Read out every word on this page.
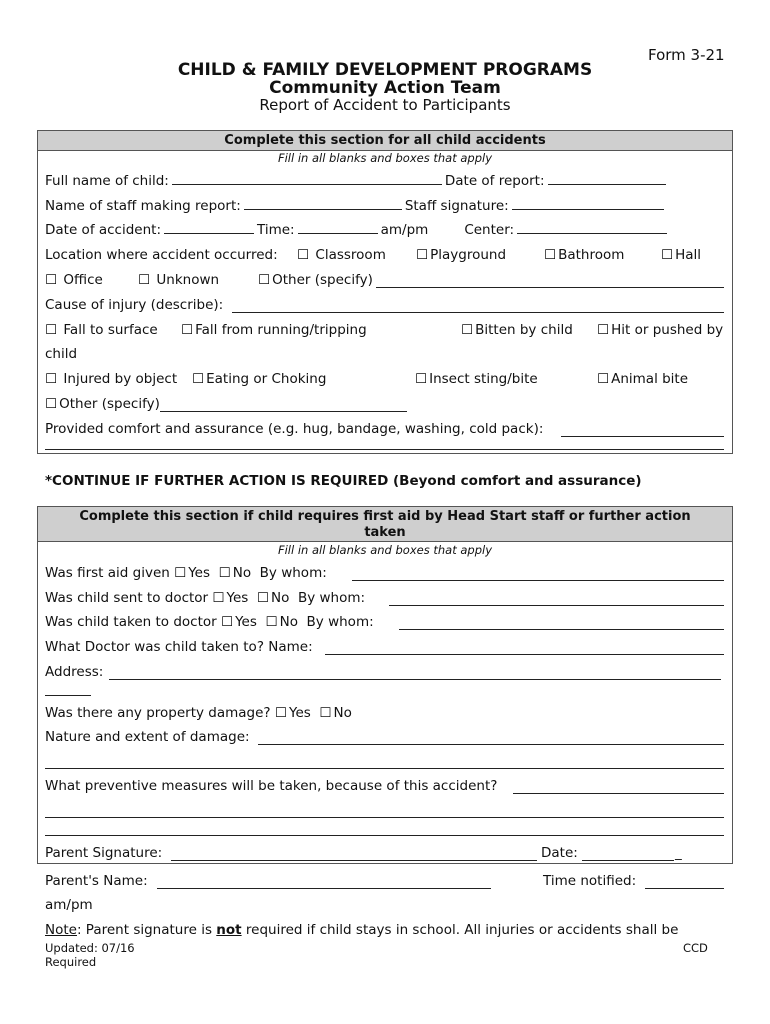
Form 3-21
CHILD & FAMILY DEVELOPMENT PROGRAMS
Community Action Team
Report of Accident to Participants
Complete this section for all child accidents
Fill in all blanks and boxes that apply
Full name of child:	Date of report:
Name of staff making report:	Staff signature:
Date of accident:	Time:	am/pm	Center:
Location where accident occurred: ☐ Classroom ☐ Playground	☐ Bathroom	☐ Hall
☐ Office	☐ Unknown	☐ Other (specify)
Cause of injury (describe):
☐ Fall to surface ☐ Fall from running/tripping	☐ Bitten by child ☐ Hit or pushed by
child
☐ Injured by object ☐ Eating or Choking	☐ Insect sting/bite	☐ Animal bite
☐ Other (specify)
Provided comfort and assurance (e.g. hug, bandage, washing, cold pack):
*CONTINUE IF FURTHER ACTION IS REQUIRED (Beyond comfort and assurance)
Complete this section if child requires first aid by Head Start staff or further action
taken
Fill in all blanks and boxes that apply
Was first aid given ☐ Yes ☐ No By whom:
Was child sent to doctor ☐ Yes ☐ No By whom:
Was child taken to doctor ☐ Yes ☐ No By whom:
What Doctor was child taken to? Name:
Address:
Was there any property damage? ☐ Yes ☐ No
Nature and extent of damage:
What preventive measures will be taken, because of this accident?
Parent Signature:	Date:	_
Parent's Name:	Time notified:
am/pm
Note: Parent signature is not required if child stays in school. All injuries or accidents shall be
Updated: 07/16	CCD
Required
